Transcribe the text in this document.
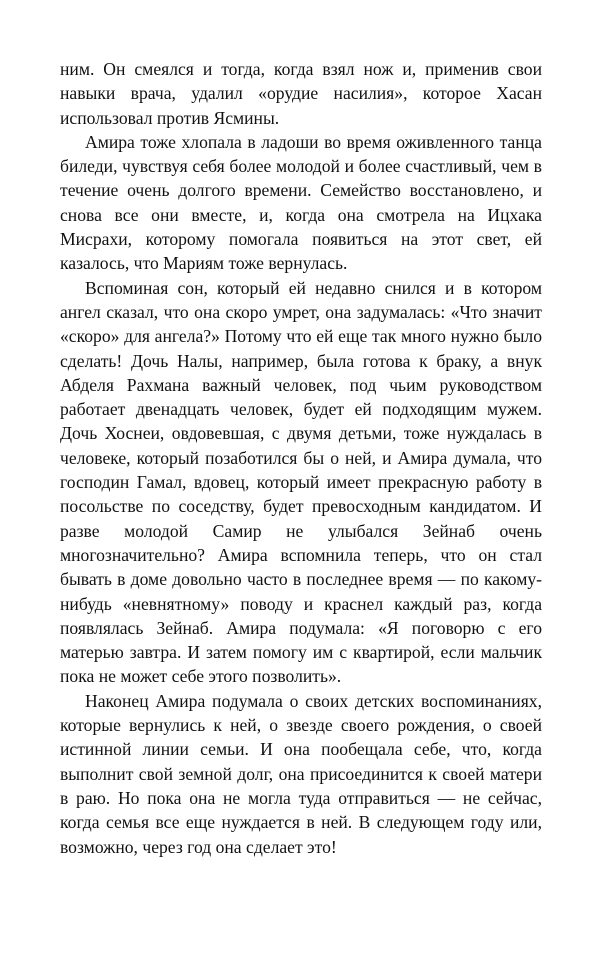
ним. Он смеялся и тогда, когда взял нож и, применив свои навыки врача, удалил «орудие насилия», которое Хасан использовал против Ясмины.

Амира тоже хлопала в ладоши во время оживленного танца биледи, чувствуя себя более молодой и более счастливый, чем в течение очень долгого времени. Семейство восстановлено, и снова все они вместе, и, когда она смотрела на Ицхака Мисрахи, которому помогала появиться на этот свет, ей казалось, что Мариям тоже вернулась.

Вспоминая сон, который ей недавно снился и в котором ангел сказал, что она скоро умрет, она задумалась: «Что значит «скоро» для ангела?» Потому что ей еще так много нужно было сделать! Дочь Налы, например, была готова к браку, а внук Абделя Рахмана важный человек, под чьим руководством работает двенадцать человек, будет ей подходящим мужем. Дочь Хоснеи, овдовевшая, с двумя детьми, тоже нуждалась в человеке, который позаботился бы о ней, и Амира думала, что господин Гамал, вдовец, который имеет прекрасную работу в посольстве по соседству, будет превосходным кандидатом. И разве молодой Самир не улыбался Зейнаб очень многозначительно? Амира вспомнила теперь, что он стал бывать в доме довольно часто в последнее время — по какому-нибудь «невнятному» поводу и краснел каждый раз, когда появлялась Зейнаб. Амира подумала: «Я поговорю с его матерью завтра. И затем помогу им с квартирой, если мальчик пока не может себе этого позволить».

Наконец Амира подумала о своих детских воспоминаниях, которые вернулись к ней, о звезде своего рождения, о своей истинной линии семьи. И она пообещала себе, что, когда выполнит свой земной долг, она присоединится к своей матери в раю. Но пока она не могла туда отправиться — не сейчас, когда семья все еще нуждается в ней. В следующем году или, возможно, через год она сделает это!
